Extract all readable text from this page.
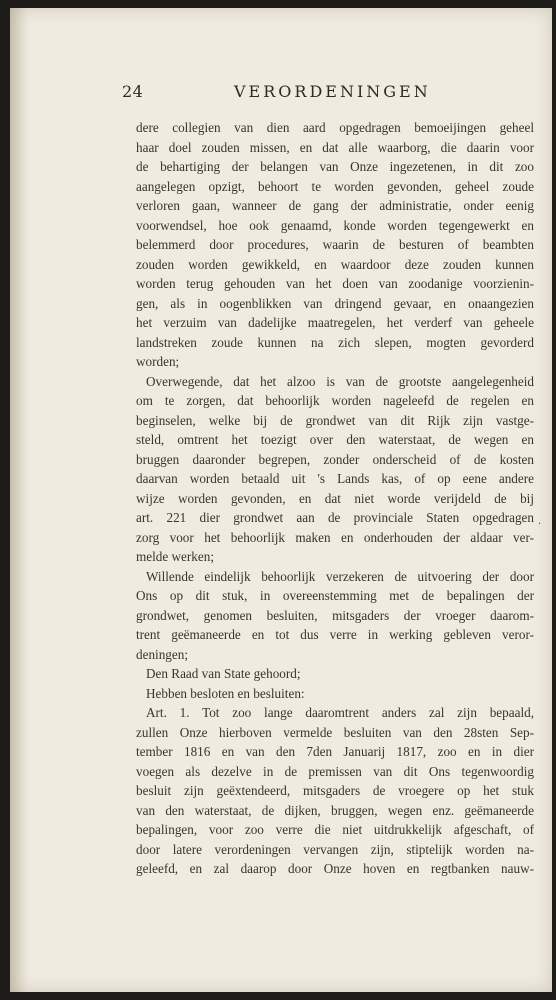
24	VERORDENINGEN
dere collegien van dien aard opgedragen bemoeijingen geheel
haar doel zouden missen, en dat alle waarborg, die daarin voor
de behartiging der belangen van Onze ingezetenen, in dit zoo
aangelegen opzigt, behoort te worden gevonden, geheel zoude
verloren gaan, wanneer de gang der administratie, onder eenig
voorwendsel, hoe ook genaamd, konde worden tegengewerkt en
belemmerd door procedures, waarin de besturen of beambten
zouden worden gewikkeld, en waardoor deze zouden kunnen
worden terug gehouden van het doen van zoodanige voorzienin-
gen, als in oogenblikken van dringend gevaar, en onaangezien
het verzuim van dadelijke maatregelen, het verderf van geheele
landstreken zoude kunnen na zich slepen, mogten gevorderd
worden;
Overwegende, dat het alzoo is van de grootste aangelegenheid
om te zorgen, dat behoorlijk worden nageleefd de regelen en
beginselen, welke bij de grondwet van dit Rijk zijn vastge-
steld, omtrent het toezigt over den waterstaat, de wegen en
bruggen daaronder begrepen, zonder onderscheid of de kosten
daarvan worden betaald uit 's Lands kas, of op eene andere
wijze worden gevonden, en dat niet worde verijdeld de bij
art. 221 dier grondwet aan de provinciale Staten opgedragen
zorg voor het behoorlijk maken en onderhouden der aldaar ver-
melde werken;
Willende eindelijk behoorlijk verzekeren de uitvoering der door
Ons op dit stuk, in overeenstemming met de bepalingen der
grondwet, genomen besluiten, mitsgaders der vroeger daarom-
trent geëmaneerde en tot dus verre in werking gebleven veror-
deningen;
Den Raad van State gehoord;
Hebben besloten en besluiten:
Art. 1. Tot zoo lange daaromtrent anders zal zijn bepaald,
zullen Onze hierboven vermelde besluiten van den 28sten Sep-
tember 1816 en van den 7den Januarij 1817, zoo en in dier
voegen als dezelve in de premissen van dit Ons tegenwoordig
besluit zijn geëxtendeerd, mitsgaders de vroegere op het stuk
van den waterstaat, de dijken, bruggen, wegen enz. geëmaneerde
bepalingen, voor zoo verre die niet uitdrukkelijk afgeschaft, of
door latere verordeningen vervangen zijn, stiptelijk worden na-
geleefd, en zal daarop door Onze hoven en regtbanken nauw-
·
